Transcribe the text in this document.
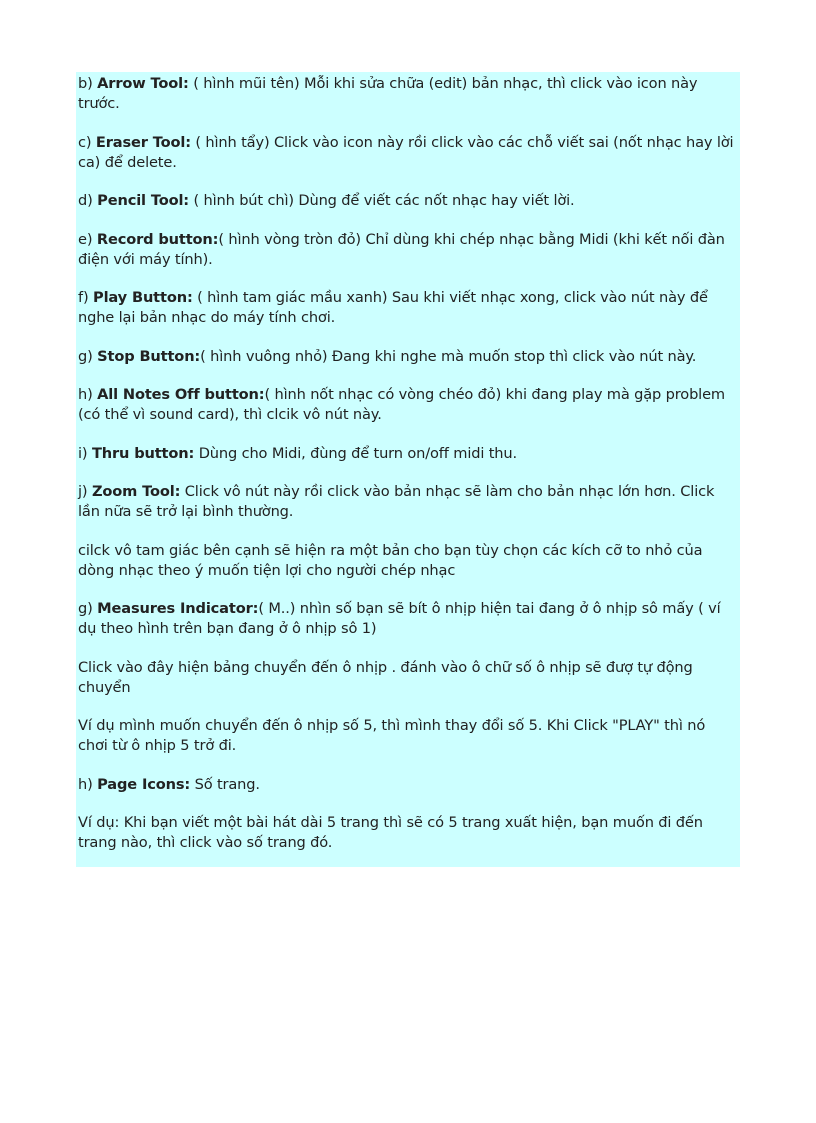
b) Arrow Tool: ( hình mũi tên) Mỗi khi sửa chữa (edit) bản nhạc, thì click vào icon này trước.

c) Eraser Tool: ( hình tẩy) Click vào icon này rồi click vào các chỗ viết sai (nốt nhạc hay lời ca) để delete.

d) Pencil Tool: ( hình bút chì) Dùng để viết các nốt nhạc hay viết lời.

e) Record button:( hình vòng tròn đỏ) Chỉ dùng khi chép nhạc bằng Midi (khi kết nối đàn điện với máy tính).

f) Play Button: ( hình tam giác mầu xanh) Sau khi viết nhạc xong, click vào nút này để nghe lại bản nhạc do máy tính chơi.

g) Stop Button:( hình vuông nhỏ) Đang khi nghe mà muốn stop thì click vào nút này.

h) All Notes Off button:( hình nốt nhạc có vòng chéo đỏ) khi đang play mà gặp problem (có thể vì sound card), thì clcik vô nút này.

i) Thru button: Dùng cho Midi, đùng để turn on/off midi thu.

j) Zoom Tool: Click vô nút này rồi click vào bản nhạc sẽ làm cho bản nhạc lớn hơn. Click lần nữa sẽ trở lại bình thường.

cilck vô tam giác bên cạnh sẽ hiện ra một bản cho bạn tùy chọn các kích cỡ to nhỏ của dòng nhạc theo ý muốn tiện lợi cho người chép nhạc

g) Measures Indicator:( M..) nhìn số bạn sẽ bít ô nhịp hiện tai đang ở ô nhịp sô mấy ( ví dụ theo hình trên bạn đang ở ô nhịp sô 1)

Click vào đây hiện bảng chuyển đến ô nhịp . đánh vào ô chữ số ô nhịp sẽ đượ tự động chuyển

Ví dụ mình muốn chuyển đến ô nhịp số 5, thì mình thay đổi số 5. Khi Click "PLAY" thì nó chơi từ ô nhịp 5 trở đi.

h) Page Icons: Số trang.

Ví dụ: Khi bạn viết một bài hát dài 5 trang thì sẽ có 5 trang xuất hiện, bạn muốn đi đến trang nào, thì click vào số trang đó.
